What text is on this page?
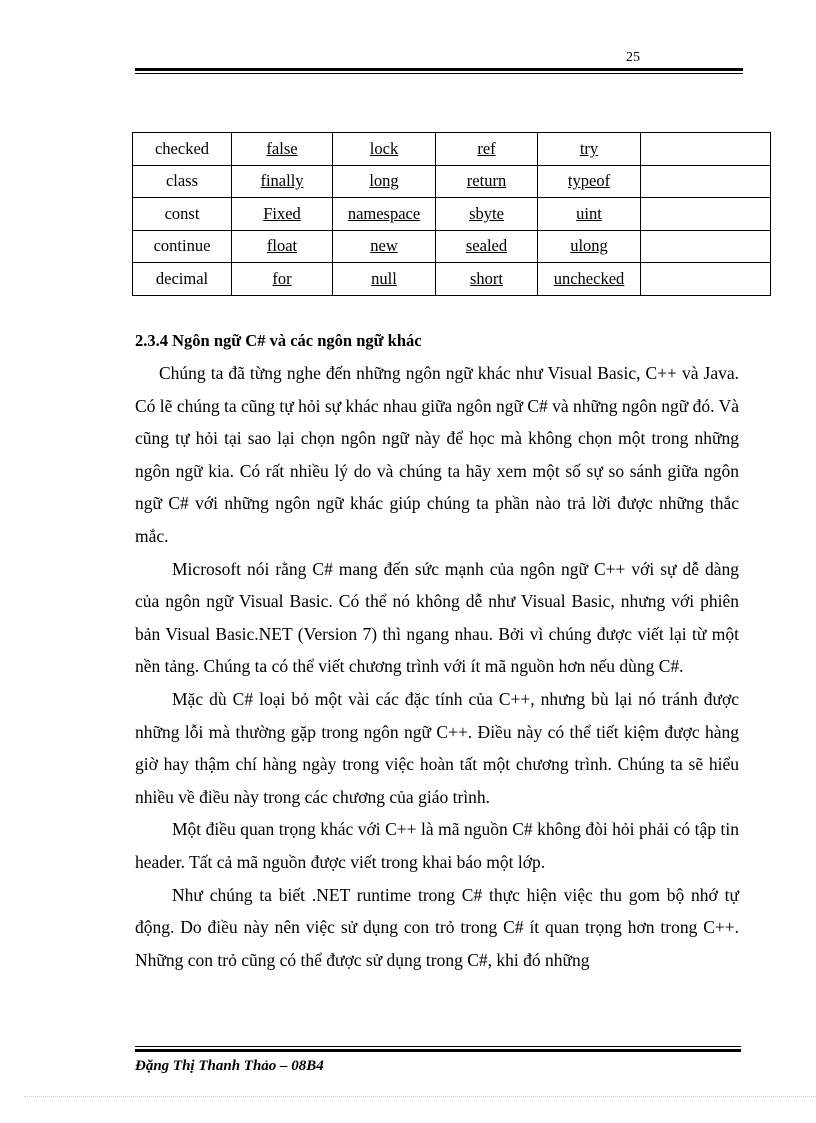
25
checked	false	lock	ref	try	
class	finally	long	return	typeof	
const	Fixed	namespace	sbyte	uint	
continue	float	new	sealed	ulong	
decimal	for	null	short	unchecked	
2.3.4 Ngôn ngữ C# và các ngôn ngữ khác

Chúng ta đã từng nghe đến những ngôn ngữ khác như Visual Basic, C++ và Java. Có lẽ chúng ta cũng tự hỏi sự khác nhau giữa ngôn ngữ C# và những ngôn ngữ đó. Và cũng tự hỏi tại sao lại chọn ngôn ngữ này để học mà không chọn một trong những ngôn ngữ kia. Có rất nhiều lý do và chúng ta hãy xem một số sự so sánh giữa ngôn ngữ C# với những ngôn ngữ khác giúp chúng ta phần nào trả lời được những thắc mắc.

Microsoft nói rằng C# mang đến sức mạnh của ngôn ngữ C++ với sự dễ dàng của ngôn ngữ Visual Basic. Có thể nó không dễ như Visual Basic, nhưng với phiên bản Visual Basic.NET (Version 7) thì ngang nhau. Bởi vì chúng được viết lại từ một nền tảng. Chúng ta có thể viết chương trình với ít mã nguồn hơn nếu dùng C#.

Mặc dù C# loại bỏ một vài các đặc tính của C++, nhưng bù lại nó tránh được những lỗi mà thường gặp trong ngôn ngữ C++. Điều này có thể tiết kiệm được hàng giờ hay thậm chí hàng ngày trong việc hoàn tất một chương trình. Chúng ta sẽ hiểu nhiều về điều này trong các chương của giáo trình.

Một điều quan trọng khác với C++ là mã nguồn C# không đòi hỏi phải có tập tin header. Tất cả mã nguồn được viết trong khai báo một lớp.

Như chúng ta biết .NET runtime trong C# thực hiện việc thu gom bộ nhớ tự động. Do điều này nên việc sử dụng con trỏ trong C# ít quan trọng hơn trong C++. Những con trỏ cũng có thể được sử dụng trong C#, khi đó những

Đặng Thị Thanh Thảo – 08B4
